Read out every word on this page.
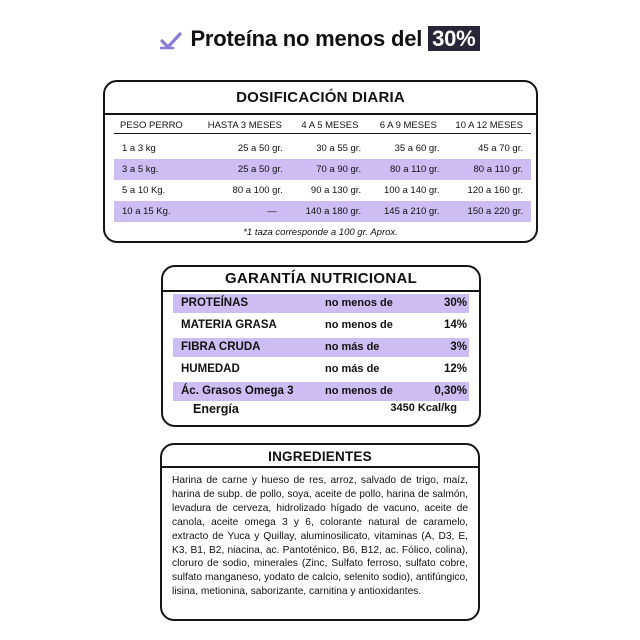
Proteína no menos del 30%
DOSIFICACIÓN DIARIA
PESO PERRO	HASTA 3 MESES	4 A 5 MESES	6 A 9 MESES	10 A 12 MESES

1 a 3 kg	25 a 50 gr.	30 a 55 gr.	35 a 60 gr.	45 a 70 gr.
3 a 5 kg.	25 a 50 gr.	70 a 90 gr.	80 a 110 gr.	80 a 110 gr.
5 a 10 Kg.	80 a 100 gr.	90 a 130 gr.	100 a 140 gr.	120 a 160 gr.
10 a 15 Kg.	—	140 a 180 gr.	145 a 210 gr.	150 a 220 gr.
*1 taza corresponde a 100 gr. Aprox.
GARANTÍA NUTRICIONAL
PROTEÍNAS	no menos de	30%
MATERIA GRASA	no menos de	14%
FIBRA CRUDA	no más de	3%
HUMEDAD	no más de	12%
Ác. Grasos Omega 3	no menos de	0,30%
Energía	3450 Kcal/kg
INGREDIENTES
Harina de carne y hueso de res, arroz, salvado de trigo, maíz, harina de subp. de pollo, soya, aceite de pollo, harina de salmón, levadura de cerveza, hidrolizado hígado de vacuno, aceite de canola, aceite omega 3 y 6, colorante natural de caramelo, extracto de Yuca y Quillay, aluminosilicato, vitaminas (A, D3, E, K3, B1, B2, niacina, ac. Pantoténico, B6, B12, ac. Fólico, colina), cloruro de sodio, minerales (Zinc, Sulfato ferroso, sulfato cobre, sulfato manganeso, yodato de calcio, selenito sodio), antifúngico, lisina, metionina, saborizante, carnitina y antioxidantes.
